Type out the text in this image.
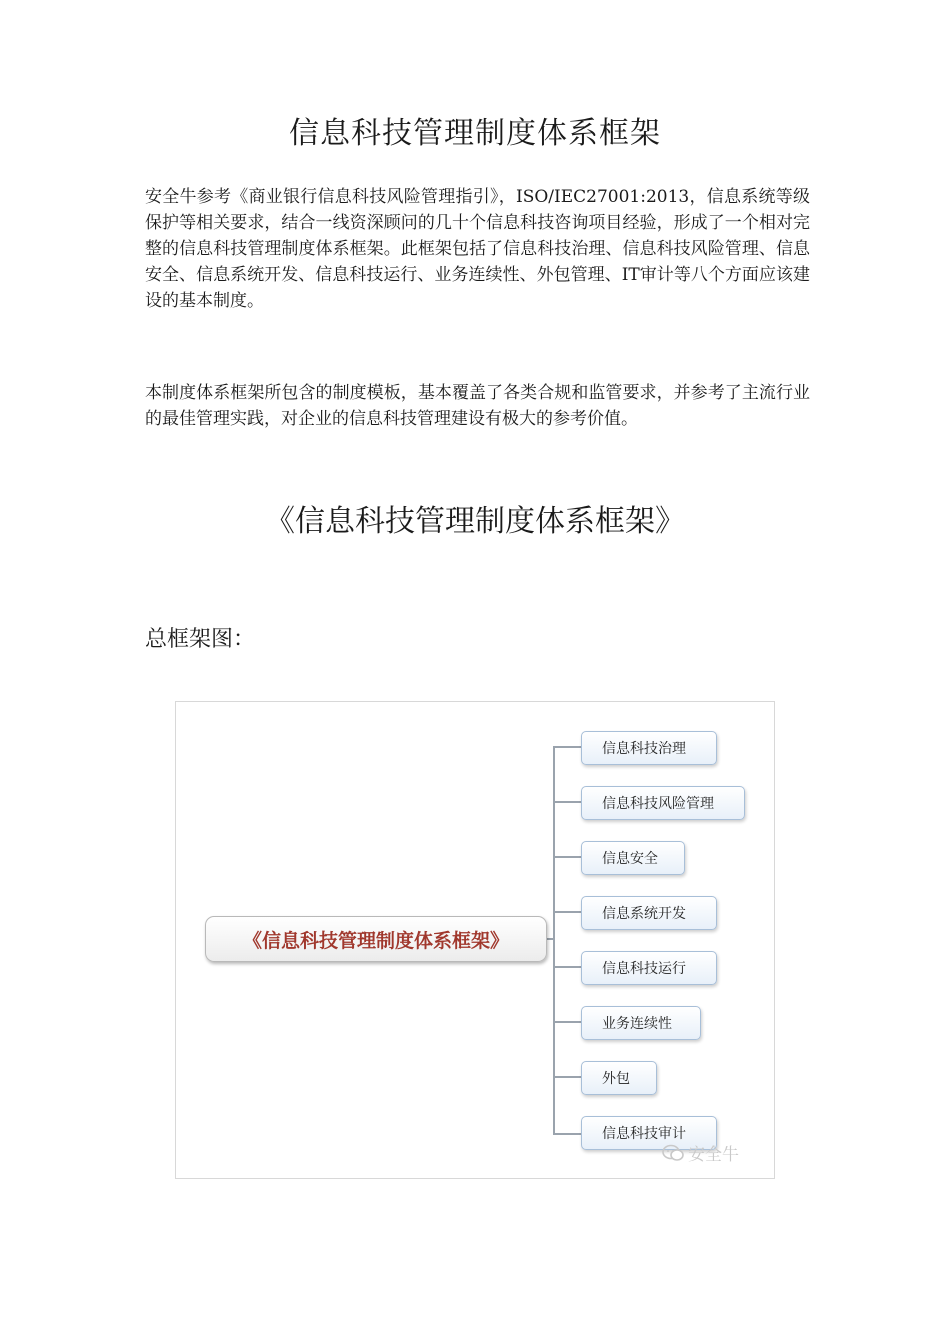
信息科技管理制度体系框架

安全牛参考《商业银行信息科技风险管理指引》，ISO/IEC27001:2013，信息系统等级保护等相关要求，结合一线资深顾问的几十个信息科技咨询项目经验，形成了一个相对完整的信息科技管理制度体系框架。此框架包括了信息科技治理、信息科技风险管理、信息安全、信息系统开发、信息科技运行、业务连续性、外包管理、IT审计等八个方面应该建设的基本制度。

本制度体系框架所包含的制度模板，基本覆盖了各类合规和监管要求，并参考了主流行业的最佳管理实践，对企业的信息科技管理建设有极大的参考价值。

《信息科技管理制度体系框架》

总框架图：

《信息科技管理制度体系框架》
信息科技治理
信息科技风险管理
信息安全
信息系统开发
信息科技运行
业务连续性
外包
信息科技审计
安全牛
